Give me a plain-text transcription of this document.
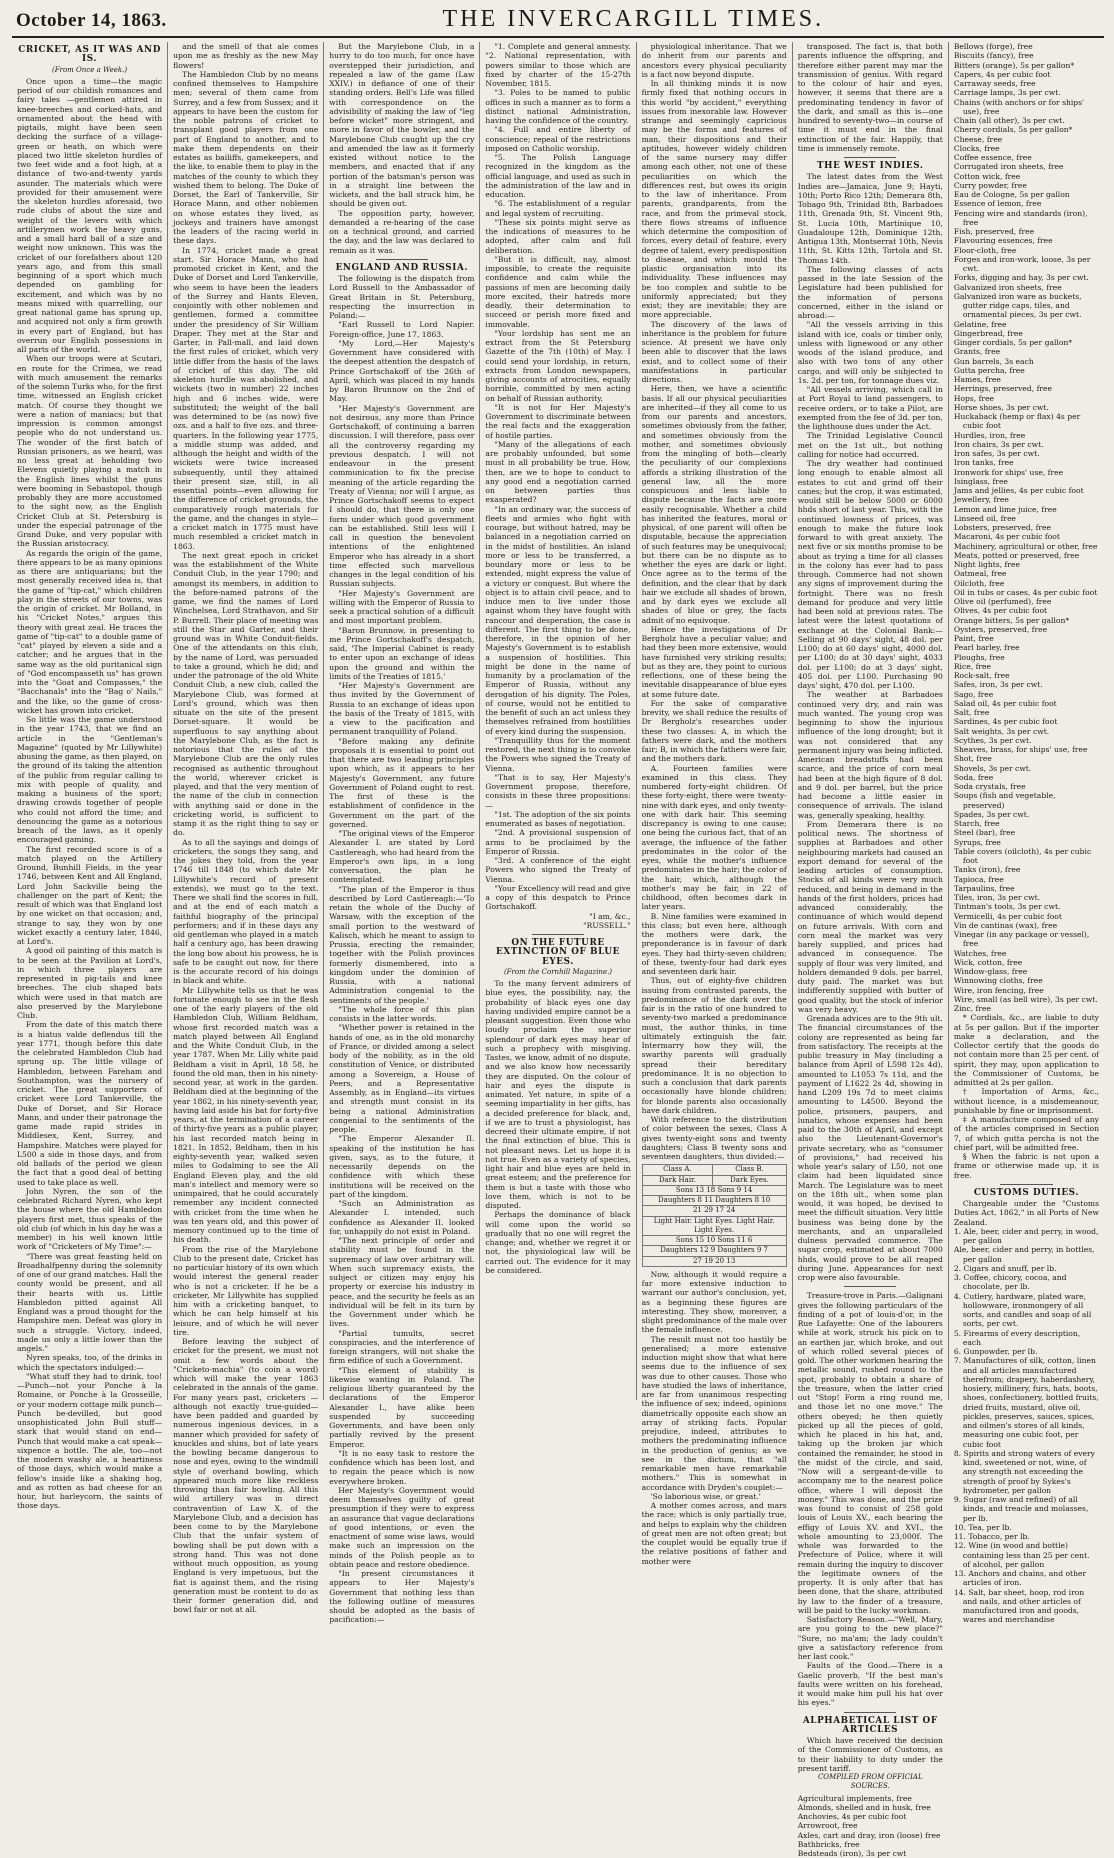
October 14, 1863.	THE INVERCARGILL TIMES.
CRICKET, AS IT WAS AND IS.
(From Once a Week.)

Once upon a time—the magic period of our childish romances and fairy tales —gentlemen attired in knee-breeches and corked-hats, and ornamented about the head with pigtails, might have been seen decking the surface of a village-green or heath, on which were placed two little skeleton hurdles of two feet wide and a foot high, at a distance of two-and-twenty yards asunder. The materials which were provided for their amusement were the skeleton hurdles aforesaid, two rude clubs of about the size and weight of the levers with which artillerymen work the heavy guns, and a small hard ball of a size and weight now unknown. This was the cricket of our forefathers about 120 years ago, and from this small beginning of a sport which much depended on gambling for excitement, and which was by no means mixed with quarrelling, our great national game has sprung up, and acquired not only a firm growth in every part of England, but has overrun our English possessions in all parts of the world.

When our troops were at Scutari, en route for the Crimea, we read with much amusement the remarks of the solemn Turks who, for the first time, witnessed an English cricket match. Of course they thought we were a nation of maniacs; but that impression is common amongst people who do not understand us. The wonder of the first batch of Russian prisoners, as we heard, was no less great at beholding two Elevens quietly playing a match in the English lines whilst the guns were booming in Sebastopol, though probably they are more accustomed to the sight now, as the English Cricket Club at St. Petersburg is under the especial patronage of the Grand Duke, and very popular with the Russian aristocracy.

As regards the origin of the game, there appears to be as many opinions as there are antiquarians; but the most generally received idea is, that the game of "tip-cat," which children play in the streets of our towns, was the origin of cricket. Mr Bolland, in his "Cricket Notes," argues this theory with great zeal. He traces the game of "tip-cat" to a double game of "cat" played by eleven a side and a catcher; and he argues that in the same way as the old puritanical sign of "God encompasseth us" has grown into the "Goat and Compasses," the "Bacchanals" into the "Bag o' Nails," and the like, so the game of cross-wicket has grown into cricket.

So little was the game understood in the year 1743, that we find an article in the "Gentleman's Magazine" (quoted by Mr Lillywhite) abusing the game, as then played, on the ground of its taking the attention of the public from regular calling to mix with people of quality, and making a business of the sport; drawing crowds together of people who could not afford the time; and denouncing the game as a notorious breach of the laws, as it openly encouraged gaming.

The first recorded score is of a match played on the Artillery Ground, Bunhill Fields, in the year 1746, between Kent and All England, Lord John Sackville being the challenger on the part of Kent; the result of which was that England lost by one wicket on that occasion; and, strange to say, they won by one wicket exactly a century later, 1846, at Lord's.

A good oil painting of this match is to be seen at the Pavilion at Lord's, in which three players are represented in pig-tails and knee breeches. The club shaped bats which were used in that match are also preserved by the Marylebone Club.

From the date of this match there is a hiatus valde deflendus till the year 1771, though before this date the celebrated Hambledon Club had sprung up. The little village of Hambledon, between Fareham and Southampton, was the nursery of cricket. The great supporters of cricket were Lord Tankerville, the Duke of Dorset, and Sir Horace Mann, and under their patronage the game made rapid strides in Middlesex, Kent, Surrey, and Hampshire. Matches were played for L500 a side in those days, and from old ballads of the period we glean the fact that a good deal of betting used to take place as well.

John Nyren, the son of the celebrated Richard Nyren, who kept the house where the old Hambledon players first met, thus speaks of the old club (of which in his day he was a member) in his well known little work of "Cricketers of My Time":—

"There was great feasting held on Broadhalfpenny during the solemnity of one of our grand matches. Hall the county would be present, and all their hearts with us. Little Hambledon pitted against All England was a proud thought for the Hampshire men. Defeat was glory in such a struggle. Victory, indeed, made us only a little lower than the angels."

Nyren speaks, too, of the drinks in which the spectators indulged:—

"What stuff they had to drink, too! —Punch—not your Ponche à la Romaine, or Ponche à la Grosseille, or your modern cottage milk punch—Punch be-devilled, but good unsophisticated John Bull stuff—stark that would stand on end—Punch that would make a cat speak—sixpence a bottle. The ale, too—not the modern washy ale, a heartiness of those days, which would make a fellow's inside like a shaking hog, and as rotten as bad cheese for an hour, but barleycorn, the saints of those days.

and the smell of that ale comes upon me as freshly as the new May flowers!

The Hambledon Club by no means confined themselves to Hampshire men; several of them came from Surrey, and a few from Sussex; and it appears to have been the custom for the noble patrons of cricket to transplant good players from one part of England to another, and to make them dependents on their estates as bailiffs, gamekeepers, and the like, to enable them to play in the matches of the county to which they wished them to belong. The Duke of Dorset, the Earl of Tankerville, Sir Horace Mann, and other noblemen on whose estates they lived, as jockeys and trainers have amongst the leaders of the racing world in these days.

In 1774, cricket made a great start. Sir Horace Mann, who had promoted cricket in Kent, and the Duke of Dorset and Lord Tankerville, who seem to have been the leaders of the Surrey and Hants Eleven, conjointly with other noblemen and gentlemen, formed a committee under the presidency of Sir William Draper. They met at the Star and Garter, in Pall-mall, and laid down the first rules of cricket, which very little differ from the basis of the laws of cricket of this day. The old skeleton hurdle was abolished, and wickets (two in number) 22 inches high and 6 inches wide, were substituted; the weight of the ball was determined to be (as now) five ozs. and a half to five ozs. and three-quarters. In the following year 1775, a middle stump was added, and although the height and width of the wickets were twice increased subsequently, until they attained their present size, still, in all essential points—even allowing for the difference of cricket grounds, the comparatively rough materials for the game, and the changes in style—a cricket match in 1775 must have much resembled a cricket match in 1863.

The next great epoch in cricket was the establishment of the White Conduit Club, in the year 1790; and amongst its members, in addition to the before-named patrons of the game, we find the names of Lord Winchelsea, Lord Strathavon, and Sir P. Burrell. Their place of meeting was still the Star and Garter, and their ground was in White Conduit-fields. One of the attendants on this club, by the name of Lord, was persuaded to take a ground, which he did; and under the patronage of the old White Conduit Club, a new club, called the Marylebone Club, was formed at Lord's ground, which was then situate on the site of the present Dorset-square. It would be superfluous to say anything about the Marylebone Club, as the fact is notorious that the rules of the Marylebone Club are the only rules recognised as authentic throughout the world, wherever cricket is played, and that the very mention of the name of the club in connection with anything said or done in the cricketing world, is sufficient to stamp it as the right thing to say or do.

As to all the sayings and doings of cricketers, the songs they sang, and the jokes they told, from the year 1746 till 1848 (to which date Mr Lillywhite's record of present extends), we must go to the text. There we shall find the scores in full, and at the end of each match a faithful biography of the principal performers; and if in these days any old gentleman who played in a match half a century ago, has been drawing the long bow about his prowess, he is safe to be caught out now, for there is the accurate record of his doings in black and white.

Mr Lillywhite tells us that he was fortunate enough to see in the flesh one of the early players of the old Hambledon Club, William Beldham, whose first recorded match was a match played between All England and the White Conduit Club, in the year 1787. When Mr. Lilly white paid Beldham a visit in April, 18 58, he found the old man, then in his ninety-second year, at work in the garden. Beldham died at the beginning of the year 1862, in his ninety-seventh year, having laid aside his bat for forty-five years, at the termination of a career of thirty-five years as a public player, his last recorded match being in 1821. In 1852, Beldham, then in his eighty-seventh year, walked seven miles to Godalming to see the All England Eleven play, and the old man's intellect and memory were so unimpaired, that he could accurately remember any incident connected with cricket from the time when he was ten years old, and this power of memory continued up to the time of his death.

From the rise of the Marylebone Club to the present date, Cricket has no particular history of its own which would interest the general reader who is not a cricketer. If he be a cricketer, Mr Lillywhite has supplied him with a cricketing banquet, to which he can help himself at his leisure, and of which he will never tire.

Before leaving the subject of cricket for the present, we must not omit a few words about the "Cricketo-machia" (to coin a word) which will make the year 1863 celebrated in the annals of the game. For many years past, cricketers —although not exactly true-guided—have been padded and guarded by numerous ingenious devices, in a manner which provided for safety of knuckles and shins, but of late years the bowling became dangerous to nose and eyes, owing to the windmill style of overhand bowling, which appeared much more like reckless throwing than fair bowling. All this wild artillery was in direct contravention of Law X. of the Marylebone Club, and a decision has been come to by the Marylebone Club that the unfair system of bowling shall be put down with a strong hand. This was not done without much opposition, as young England is very impetuous, but the fiat is against them, and the rising generation must be content to do as their former generation did, and bowl fair or not at all.

But the Marylebone Club, in a hurry to do too much, for once have overstepped their jurisdiction, and repealed a law of the game (Law XXIV.) in defiance of one of their standing orders. Bell's Life was filled with correspondence on the advisibility of making the law of "leg before wicket" more stringent, and more in favor of the bowler, and the Marylebone Club caught up the cry and amended the law as it formerly existed without notice to the members, and enacted that if any portion of the batsman's person was in a straight line between the wickets, and the ball struck him, he should be given out.

The opposition party, however, demanded a re-hearing of the case on a technical ground, and carried the day, and the law was declared to remain as it was.

ENGLAND AND RUSSIA.

The following is the dispatch from Lord Russell to the Ambassador of Great Britain in St. Petersburg, respecting the insurrection in Poland:—

"Earl Russell to Lord Napier. Foreign-office, June 17, 1863.

"My Lord,—Her Majesty's Government have considered with the deepest attention the despatch of Prince Gortschakoff of the 26th of April, which was placed in my hands by Baron Brunnow on the 2nd of May.

"Her Majesty's Government are not desirous, any more than Prince Gortschakoff, of continuing a barren discussion. I will therefore, pass over all the controversy regarding my previous despatch. I will not endeavour in the present communication to fix the precise meaning of the article regarding the Treaty of Vienna; nor will I argue, as Prince Gortschakoff seems to expect I should do, that there is only one form under which good government can be established. Still less will I call in question the benevolent intentions of the enlightened Emperor who has already in a short time effected such marvellous changes in the legal condition of his Russian subjects.

"Her Majesty's Government are willing with the Emperor of Russia to seek a practical solution of a difficult and most important problem.

"Baron Brunnow, in presenting to me Prince Gortschakoff's despatch, said, 'The Imperial Cabinet is ready to enter upon an exchange of ideas upon the ground and within the limits of the Treaties of 1815.'

"Her Majesty's Government are thus invited by the Government of Russia to an exchange of ideas upon the basis of the Treaty of 1815, with a view to the pacification and permanent tranquillity of Poland.

"Before making any definite proposals it is essential to point out that there are two leading principles upon which, as it appears to her Majesty's Government, any future Government of Poland ought to rest. The first of these is the establishment of confidence in the Government on the part of the governed.

"The original views of the Emperor Alexander I. are stated by Lord Castlereagh, who had heard from the Emperor's own lips, in a long conversation, the plan he contemplated.

"The plan of the Emperor is thus described by Lord Castlereagh:—'To retain the whole of the Duchy of Warsaw, with the exception of the small portion to the westward of Kalisch, which he meant to assign to Prussia, erecting the remainder, together with the Polish provinces formerly dismembered, into a kingdom under the dominion of Russia, with a national Administration congenial to the sentiments of the people.'

"The whole force of this plan consists in the latter words.

"Whether power is retained in the hands of one, as in the old monarchy of France, or divided among a select body of the nobility, as in the old constitution of Venice, or distributed among a Sovereign, a House of Peers, and a Representative Assembly, as in England—its virtues and strength must consist in its being a national Administration congenial to the sentiments of the people.

"The Emperor Alexander II. speaking of the institution he has given, says, as to the future, it necessarily depends on the confidence with which these institutions will be received on the part of the kingdom.

"Such an Administration as Alexander I. intended, such confidence as Alexander II. looked for, unhappily do not exist in Poland.

"The next principle of order and stability must be found in the supremacy of law over arbitrary will. When such supremacy exists, the subject or citizen may enjoy his property or exercise his industry in peace, and the security he feels as an individual will be felt in its turn by the Government under which he lives.

"Partial tumults, secret conspiracies, and the interference of foreign strangers, will not shake the firm edifice of such a Government.

"This element of stability is likewise wanting in Poland. The religious liberty guaranteed by the declarations of the Emperor Alexander I., have alike been suspended by succeeding Governments, and have been only partially revived by the present Emperor.

"It is no easy task to restore the confidence which has been lost, and to regain the peace which is now everywhere broken.

Her Majesty's Government would deem themselves guilty of great presumption if they were to express an assurance that vague declarations of good intentions, or even the enactment of some wise laws, would make such an impression on the minds of the Polish people as to obtain peace and restore obedience.

"In present circumstances it appears to Her Majesty's Government that nothing less than the following outline of measures should be adopted as the basis of pacification:—

"1. Complete and general amnesty. "2. National representation, with powers similar to those which are fixed by charter of the 15-27th November, 1815.

"3. Poles to be named to public offices in such a manner as to form a distinct national Administration, having the confidence of the country.

"4. Full and entire liberty of conscience; repeal of the restrictions imposed on Catholic worship.

"5. The Polish Language recognized in the kingdom as the official language, and used as such in the administration of the law and in education.

"6. The establishment of a regular and legal system of recruiting.

"These six points might serve as the indications of measures to be adopted, after calm and full deliberation.

"But it is difficult, nay, almost impossible, to create the requisite confidence and calm while the passions of men are becoming daily more excited, their hatreds more deadly, their determination to succeed or perish more fixed and immovable.

"Your lordship has sent me an extract from the St Petersburg Gazette of the 7th (10th) of May. I could send your lordship, in return, extracts from London newspapers, giving accounts of atrocities, equally horrible, committed by men acting on behalf of Russian authority.

"It is not for Her Majesty's Government to discriminate between the real facts and the exaggeration of hostile parties.

"Many of the allegations of each are probably unfounded, but some must in all probability be true. How, then, are we to hope to conduct to any good end a negotiation carried on between parties thus exasperated?

"In an ordinary war, the success of fleets and armies who fight with courage, but without hatred, may be balanced in a negotiation carried on in the midst of hostilities. An island more or less to be transferred, a boundary more or less to be extended, might express the value of a victory or conquest. But where the object is to attain civil peace, and to induce men to live under those against whom they have fought with rancour and desperation, the case is different. The first thing to be done, therefore, in the opinion of her Majesty's Government is to establish a suspension of hostilities. This might be done in the name of humanity by a proclamation of the Emperor of Russia, without any derogation of his dignity. The Poles, of course, would not be entitled to the benefit of such an act unless they themselves refrained from hostilities of every kind during the suspension.

"Tranquillity thus for the moment restored, the next thing is to convoke the Powers who signed the Treaty of Vienna.

"That is to say, Her Majesty's Government propose, therefore, consists in these three propositions:—

"1st. The adoption of the six points enumerated as bases of negotiation.

"2nd. A provisional suspension of arms to be proclaimed by the Emperor of Russia.

"3rd. A conference of the eight Powers who signed the Treaty of Vienna.

"Your Excellency will read and give a copy of this despatch to Prince Gortschakoff.

"I am, &c.,

"RUSSELL."

ON THE FUTURE EXTINCTION OF BLUE EYES.
(From the Cornhill Magazine.)

To the many fervent admirers of blue eyes, the possibility, nay, the probability of black eyes one day having undivided empire cannot be a pleasant suggestion. Even those who loudly proclaim the superior splendour of dark eyes may hear of such a prophecy with misgiving. Tastes, we know, admit of no dispute, and we also know how necessarily they are disputed. On the colour of hair and eyes the dispute is animated. Yet nature, in spite of a seeming impartiality in her gifts, has a decided preference for black, and, if we are to trust a physiologist, has decreed their ultimate empire, if not the final extinction of blue. This is not pleasant news. Let us hope it is not true. Even as a variety of species, light hair and blue eyes are held in great esteem; and the preference for them is but a taste with those who love them, which is not to be disputed.

Perhaps the dominance of black will come upon the world so gradually that no one will regret the change; and, whether we regret it or not, the physiological law will be carried out. The evidence for it may be considered.

physiological inheritance. That we do inherit from our parents and ancestors every physical peculiarity is a fact now beyond dispute.

In all thinking minds it is now firmly fixed that nothing occurs in this world "by accident," everything issues from inexorable law. However strange and seemingly capricious may be the forms and features of man, their dispositions and their aptitudes, however widely children of the same nursery may differ among each other, not one of these peculiarities on which the differences rest, but owes its origin to the law of inheritance. From parents, grandparents, from the race, and from the primeval stock, there flows streams of influence which determine the composition of forces, every detail of feature, every degree of talent, every predisposition to disease, and which mould the plastic organisation into its individuality. These influences may be too complex and subtle to be uniformly appreciated; but they exist; they are inevitable; they are more appreciable.

The discovery of the laws of inheritance is the problem for future science. At present we have only been able to discover that the laws exist, and to collect some of their manifestations in particular directions.

Here, then, we have a scientific basis. If all our physical peculiarities are inherited—if they all come to us from our parents and ancestors, sometimes obviously from the father, and sometimes obviously from the mother, and sometimes obviously from the mingling of both—clearly the peculiarity of our complexions affords a striking illustration of the general law, all the more conspicuous and less liable to dispute because the facts are more easily recognisable. Whether a child has inherited the features, moral or physical, of one parent will often be disputable, because the appreciation of such features may be unequivocal; but there can be no dispute as to whether the eyes are dark or light. Once agree as to the terms of the definition, and the clear that by dark hair we exclude all shades of brown, and by dark eyes we exclude all shades of blue or grey, the facts admit of no equivoque.

Hence the investigations of Dr Bergholz have a peculiar value; and had they been more extensive, would have furnished very striking results; but as they are, they point to curious reflections, one of these being the inevitable disappearance of blue eyes at some future date.

For the sake of comparative brevity, we shall reduce the results of Dr Bergholz's researches under these two classes: A, in which the fathers were dark, and the mothers fair; B, in which the fathers were fair, and the mothers dark.

A. Fourteen families were examined in this class. They numbered forty-eight children. Of these forty-eight, there were twenty-nine with dark eyes, and only twenty-one with dark hair. This seeming discrepancy is owing to one cause; one being the curious fact, that of an average, the influence of the father predominates in the color of the eyes, while the mother's influence predominates in the hair; the color of the hair, which, although the mother's may be fair, in 22 of childhood, often becomes dark in later years.

B. Nine families were examined in this class; but even here, although the mothers were dark, the preponderance is in favour of dark eyes. They had thirty-seven children; of these, twenty-four had dark eyes and seventeen dark hair.

Thus, out of eighty-five children issuing from contrasted parents, the predominance of the dark over the fair is in the ratio of one hundred to seventy-two marked a predominance must, the author thinks, in time ultimately extinguish the fair. Intermarry how they will, the swarthy parents will gradually spread their hereditary predominance. It is no objection to such a conclusion that dark parents occasionally have blonde children; for blonde parents also occasionally have dark children.

With reference to the distribution of color between the sexes, Class A gives twenty-eight sons and twenty daughters; Class B twenty sons and seventeen daughters, thus divided:—

Class A.	Class B.
Dark Hair.	Dark Eyes.
Sons 13 18 Sons 9 14	
Daughters 8 11 Daughters 8 10	
21 29 17 24	
Light Hair. Light Eyes. Light Hair. Light Eyes.	
Sons 15 10 Sons 11 6	
Daughters 12 9 Daughters 9 7	
27 19 20 13	

Now, although it would require a far more extensive induction to warrant our author's conclusion, yet, as a beginning these figures are interesting. They show, moreover, a slight predominance of the male over the female influence.

The result must not too hastily be generalised; a more extensive induction might show that what here seems due to the influence of sex was due to other causes. Those who have studied the laws of inheritance, are far from unanimous respecting the influence of sex; indeed, opinions diametrically opposite each show an array of striking facts. Popular prejudice, indeed, attributes to mothers the predominating influence in the production of genius; as we see in the dictum, that "all remarkable men have remarkable mothers." This is somewhat in accordance with Dryden's couplet:—

'So laborious wise, or great.'

A mother comes across, and mars the race; which is only partially true, and helps to explain why the children of great men are not often great; but the couplet would be equally true if the relative positions of father and mother were

transposed. The fact is, that both parents influence the offspring, and therefore either parent may mar the transmission of genius. With regard to the colour of hair and eyes, however, it seems that there are a predominating tendency in favor of the dark, and small as this is—one hundred to seventy-two—in course of time it must end in the final extinction of the fair. Happily, that time is immensely remote.

THE WEST INDIES.

The latest dates from the West Indies are—Jamaica, June 9; Hayti, 10th; Porto Rico 12th; Demerara 8th, Tobago 9th, Trinidad 8th, Barbadoes 11th, Grenada 9th, St. Vincent 9th, St. Lucia 10th, Martinique 10, Guadaloupe 12th, Dominique 12th, Antigua 13th, Montserrat 10th, Nevis 11th, St. Kitts 12th, Tortola and St. Thomas 14th.

The following classes of acts passed in the late Session of the Legislature had been published for the information of persons concerned, either in the island or abroad:—

"All the vessels arriving in this island with ice, coals or timber only, unless with lignewood or any other woods of the island produce, and also with two tons of any other cargo, and will only be subjected to 1s. 2d. per ton, for tonnage dues viz.

"All vessels arriving, which call in at Port Royal to land passengers, to receive orders, or to take a Pilot, are exempted from the fee of 3d. per ton, the lighthouse dues under the Act.

The Trinidad Legislative Council met on the 1st ult., but nothing calling for notice had occurred.

The dry weather had continued long enough to enable almost all estates to cut and grind off their canes; but the crop, it was estimated, would still be below 5000 or 6000 hhds short of last year. This, with the continued lowness of prices, was enough to make the future look forward to with great anxiety. The next five or six months promise to be about as trying a time for all classes in the colony has ever had to pass through. Commerce had not shown any signs of improvement during the fortnight. There was no fresh demand for produce and very little had been sold at previous rates. The latest were the latest quotations of exchange at the Colonial Bank:—Selling at 90 days' sight, 48 dol. per L100; do at 60 days' sight, 4000 dol. per L100; do at 30 days' sight, 4033 dol. per L100; do at 3 days' sight, 405 dol. per L100. Purchasing 90 days' sight, 470 dol. per L100.

The weather at Barbadoes continued very dry, and rain was much wanted. The young crop was beginning to show the injurious influence of the long drought; but it was not considered that any permanent injury was being inflicted. American breadstuffs had been scarce, and the price of corn meal had been at the high figure of 8 dol. and 9 dol. per barrel, but the price had become a little easier in consequence of arrivals. The island was, generally speaking, healthy.

From Demerara there is no political news. The shortness of supplies at Barbadoes and other neighbouring markets had caused an export demand for several of the leading articles of consumption. Stocks of all kinds were very much reduced, and being in demand in the hands of the first holders, prices had advanced considerably, the continuance of which would depend on future arrivals. With corn and corn meal the market was very barely supplied, and prices had advanced in consequence. The supply of flour was very limited, and holders demanded 9 dols. per barrel, duty paid. The market was but indifferently supplied with butter of good quality, but the stock of inferior was very heavy.

Grenada advices are to the 9th ult. The financial circumstances of the colony are represented as being far from satisfactory. The receipts at the public treasury in May (including a balance from April of L598 12s 4d), amounted to L1053 7s 11d, and the payment of L1622 2s 4d, showing in hand L209 19s 7d to meet claims amounting to L4500. Beyond the police, prisoners, paupers, and lunatics, whose expenses had been paid to the 30th of April, and except also the Lieutenant-Governor's private secretary, who as "consumer of provisions," had received his whole year's salary of L50, not one claim had been liquidated since March. The Legislature was to meet on the 18th ult., when some plan would, it was hoped, be devised to meet the difficult situation. Very little business was being done by the merchants, and an unparalleled dulness pervaded commerce. The sugar crop, estimated at about 7000 hhds, would prove to be all reaped during June. Appearances for next crop were also favourable.

Treasure-trove in Paris.—Galignani gives the following particulars of the finding of a pot of louis-d'or, in the Rue Lafayette: One of the labourers while at work, struck his pick on to an earthen jar, which broke, and out of which rolled several pieces of gold. The other workmen hearing the metallic sound, rushed round to the spot, probably to obtain a share of the treasure, when the latter cried out "Stop! Form a ring round me, and those let no one move." The others obeyed; he then quietly picked up all the pieces of gold, which he placed in his hat, and, taking up the broken jar which contained the remainder, he stood in the midst of the circle, and said, "Now will a sergeant-de-ville to accompany me to the nearest police office, where I will deposit the money." This was done, and the prize was found to consist of 258 gold louis of Louis XV., each bearing the effigy of Louis XV. and XVI., the whole amounting to 23,000f. The whole was forwarded to the Prefecture of Police, where it will remain during the inquiry to discover the legitimate owners of the property. It is only after that has been done, that the share, attributed by law to the finder of a treasure, will be paid to the lucky workman.

Satisfactory Reason.—"Well, Mary, are you going to the new place?" "Sure, no ma'am; the lady couldn't give a satisfactory reference from her last cook."

Faults of the Good.—There is a Gaelic proverb, "If the best man's faults were written on his forehead, it would make him pull his hat over his eyes."

ALPHABETICAL LIST OF ARTICLES

Which have received the decision of the Commissioner of Customs, as to their liability to duty under the present tariff.

COMPILED FROM OFFICIAL SOURCES.

Agricultural implements, free

Almonds, shelled and in husk, free

Anchovies, 4s per cubic foot

Arrowroot, free

Axles, cart and dray, iron (loose) free

Bathbricks, free

Bedsteads (iron), 3s per cwt

Bellows (forge), free

Biscuits (fancy), free

Bitters (orange), 5s per gallon*

Capers, 4s per cubic foot

Carraway seeds, free

Carriage lamps, 3s per cwt.

Chains (with anchors or for ships' use), free

Chain (all other), 3s per cwt.

Cherry cordials, 5s per gallon*

Cheese, free

Clocks, free

Coffee essence, free

Corrugated iron sheets, free

Cotton wick, free

Curry powder, free

Eau de Cologne, 5s per gallon

Essence of lemon, free

Fencing wire and standards (iron), free

Fish, preserved, free

Flavouring essences, free

Floor-cloth, free

Forges and iron-work, loose, 3s per cwt.

Forks, digging and hay, 3s per cwt.

Galvanized iron sheets, free

Galvanized iron ware as buckets, gutter ridge caps, tiles, and ornamental pieces, 3s per cwt.

Gelatine, free

Gingerbread, free

Ginger cordials, 5s per gallon*

Grants, free

Gun barrels, 3s each

Gutta percha, free

Hames, free

Herrings, preserved, free

Hops, free

Horse shoes, 3s per cwt.

Huckaback (hemp or flax) 4s per cubic foot

Hurdles, iron, free

Iron chairs, 3s per cwt.

Iron safes, 3s per cwt.

Iron tanks, free

Ironwork for ships' use, free

Isinglass, free

Jams and jellies, 4s per cubic foot

Jewellery, free

Lemon and lime juice, free

Linseed oil, free

Lobsters, preserved, free

Macaroni, 4s per cubic foot

Machinery, agricultural or other, free

Meats, potted or preserved, free

Night lights, free

Oatmeal, free

Oilcloth, free

Oil in tubs or cases, 4s per cubic foot

Olive oil (perfumed), free

Olives, 4s per cubic foot

Orange bitters, 5s per gallon*

Oysters, preserved, free

Paint, free

Pearl barley, free

Ploughs, free

Rice, free

Rock-salt, free

Safes, iron, 3s per cwt.

Sago, free

Salad oil, 4s per cubic foot

Salt, free

Sardines, 4s per cubic foot

Salt weights, 3s per cwt.

Scythes, 3s per cwt.

Sheaves, brass, for ships' use, free

Shot, free

Shovels, 3s per cwt.

Soda, free

Soda crystals, free

Soups (fish and vegetable, preserved)

Spades, 3s per cwt.

Starch, free

Steel (bar), free

Syrups, free

Table covers (oilcloth), 4s per cubic foot

Tanks (iron), free

Tapioca, free

Tarpaulins, free

Tiles, iron, 3s per cwt.

Tintman's tools, 3s per cwt.

Vermicelli, 4s per cubic foot

Vin de cantinas (wax), free

Vinegar (in any package or vessel), free

Watches, free

Wick, cotton, free

Window-glass, free

Winnowing cloths, free

Wire, iron fencing, free

Wire, small (as bell wire), 3s per cwt.

Zinc, free

* Cordials, &c., are liable to duty at 5s per gallon. But if the importer make a declaration, and the Collector certify that the goods do not contain more than 25 per cent. of spirit, they may, upon application to the Commissioner of Customs, be admitted at 2s per gallon.

† Importation of Arms, &c., without licence, is a misdemeanour, punishable by fine or imprisonment.

‡ A manufacture composed of any of the articles comprised in Section 7, of which gutta percha is not the chief part, will be admitted free.

§ When the fabric is not upon a frame or otherwise made up, it is free.

CUSTOMS DUTIES.

Chargeable under the "Customs Duties Act, 1862," in all Ports of New Zealand.

1. Ale, beer, cider and perry, in wood, per gallon

Ale, beer, cider and perry, in bottles, per gallon

2. Cigars and snuff, per lb.

3. Coffee, chicory, cocoa, and chocolate, per lb.

4. Cutlery, hardware, plated ware, hollowware, ironmongery of all sorts, and candles and soap of all sorts, per cwt.

5. Firearms of every description, each

6. Gunpowder, per lb.

7. Manufactures of silk, cotton, linen and all articles manufactured therefrom; drapery, haberdashery, hosiery, millinery, furs, hats, boots, shoes, confectionery, bottled fruits, dried fruits, mustard, olive oil, pickles, preserves, sauces, spices, and oilmen's stores of all kinds, measuring one cubic foot, per cubic foot

8. Spirits and strong waters of every kind, sweetened or not, wine, of any strength not exceeding the strength of proof by Sykes's hydrometer, per gallon

9. Sugar (raw and refined) of all kinds, and treacle and molasses, per lb.

10. Tea, per lb.

11. Tobacco, per lb.

12. Wine (in wood and bottle) containing less than 25 per cent. of alcohol, per gallon

13. Anchors and chains, and other articles of iron.

14. Salt, bar sheet, hoop, rod iron and nails, and other articles of manufactured iron and goods, wares and merchandise
